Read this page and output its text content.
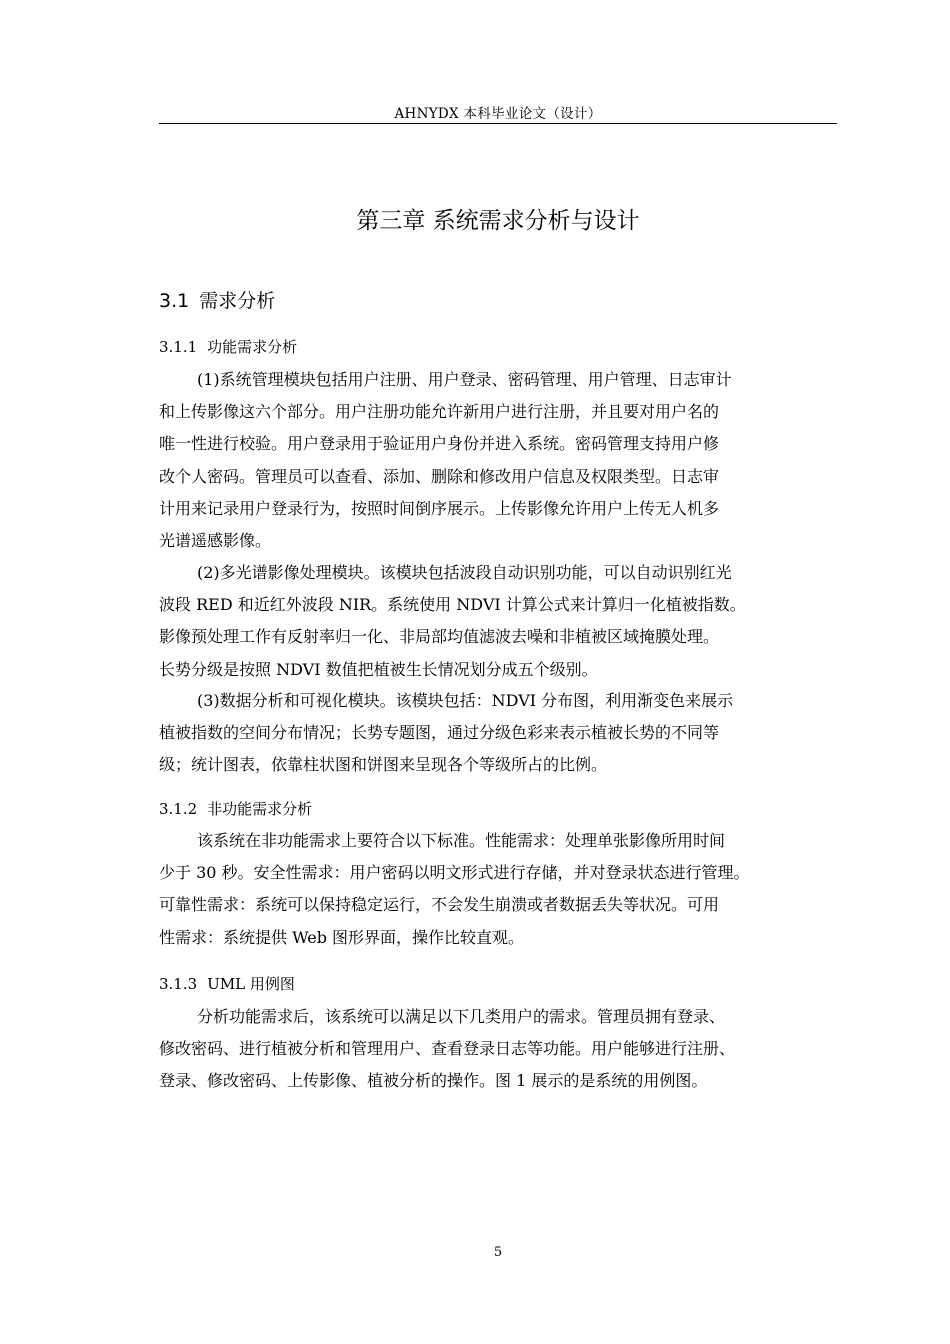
AHNYDX 本科毕业论文（设计）
第三章 系统需求分析与设计
3.1 需求分析
3.1.1 功能需求分析
(1)系统管理模块包括用户注册、用户登录、密码管理、用户管理、日志审计
和上传影像这六个部分。用户注册功能允许新用户进行注册，并且要对用户名的
唯一性进行校验。用户登录用于验证用户身份并进入系统。密码管理支持用户修
改个人密码。管理员可以查看、添加、删除和修改用户信息及权限类型。日志审
计用来记录用户登录行为，按照时间倒序展示。上传影像允许用户上传无人机多
光谱遥感影像。
(2)多光谱影像处理模块。该模块包括波段自动识别功能，可以自动识别红光
波段 RED 和近红外波段 NIR。系统使用 NDVI 计算公式来计算归一化植被指数。
影像预处理工作有反射率归一化、非局部均值滤波去噪和非植被区域掩膜处理。
长势分级是按照 NDVI 数值把植被生长情况划分成五个级别。
(3)数据分析和可视化模块。该模块包括：NDVI 分布图，利用渐变色来展示
植被指数的空间分布情况；长势专题图，通过分级色彩来表示植被长势的不同等
级；统计图表，依靠柱状图和饼图来呈现各个等级所占的比例。
3.1.2 非功能需求分析
该系统在非功能需求上要符合以下标准。性能需求：处理单张影像所用时间
少于 30 秒。安全性需求：用户密码以明文形式进行存储，并对登录状态进行管理。
可靠性需求：系统可以保持稳定运行，不会发生崩溃或者数据丢失等状况。可用
性需求：系统提供 Web 图形界面，操作比较直观。
3.1.3 UML 用例图
分析功能需求后，该系统可以满足以下几类用户的需求。管理员拥有登录、
修改密码、进行植被分析和管理用户、查看登录日志等功能。用户能够进行注册、
登录、修改密码、上传影像、植被分析的操作。图 1 展示的是系统的用例图。
5
